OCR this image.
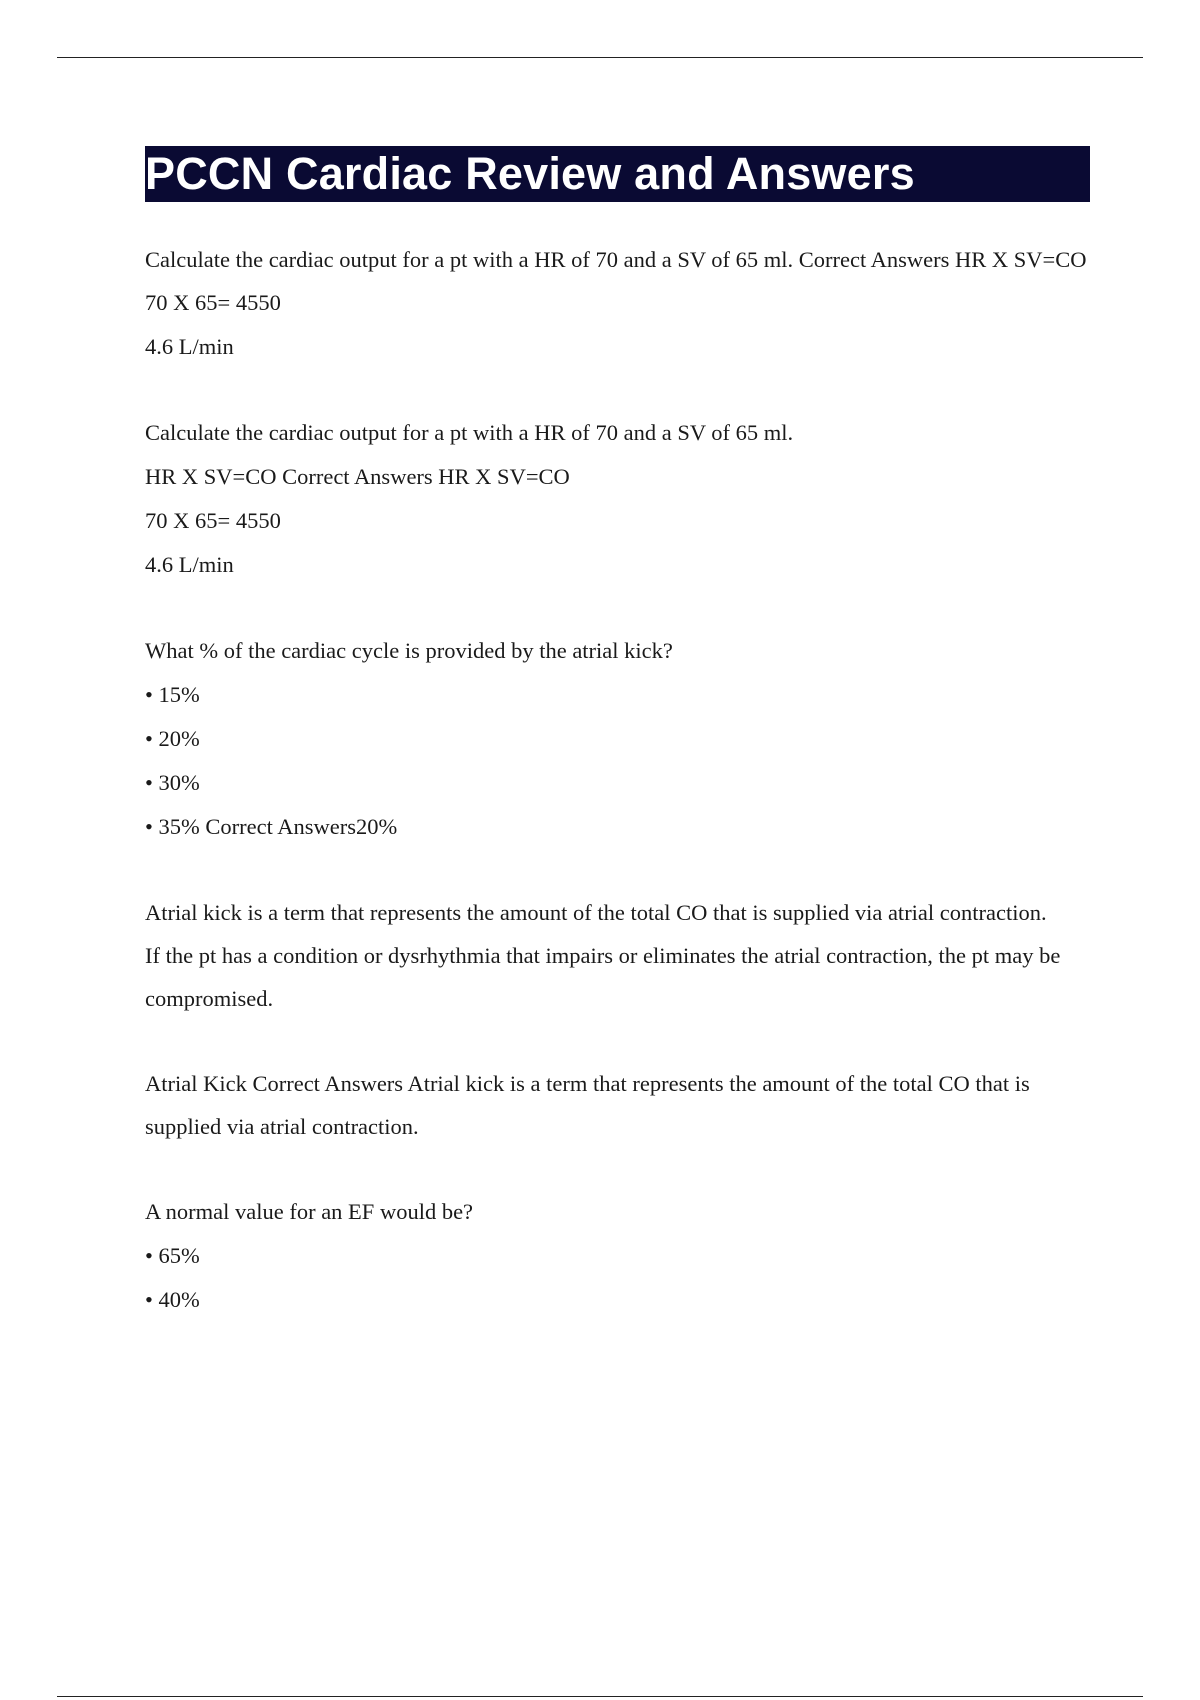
PCCN Cardiac Review and Answers

Calculate the cardiac output for a pt with a HR of 70 and a SV of 65 ml. Correct Answers HR X SV=CO

70 X 65= 4550

4.6 L/min

Calculate the cardiac output for a pt with a HR of 70 and a SV of 65 ml.

HR X SV=CO Correct Answers HR X SV=CO

70 X 65= 4550

4.6 L/min

What % of the cardiac cycle is provided by the atrial kick?

• 15%

• 20%

• 30%

• 35% Correct Answers20%

Atrial kick is a term that represents the amount of the total CO that is supplied via atrial contraction.

If the pt has a condition or dysrhythmia that impairs or eliminates the atrial contraction, the pt may be compromised.

Atrial Kick Correct Answers Atrial kick is a term that represents the amount of the total CO that is supplied via atrial contraction.

A normal value for an EF would be?

• 65%

• 40%
